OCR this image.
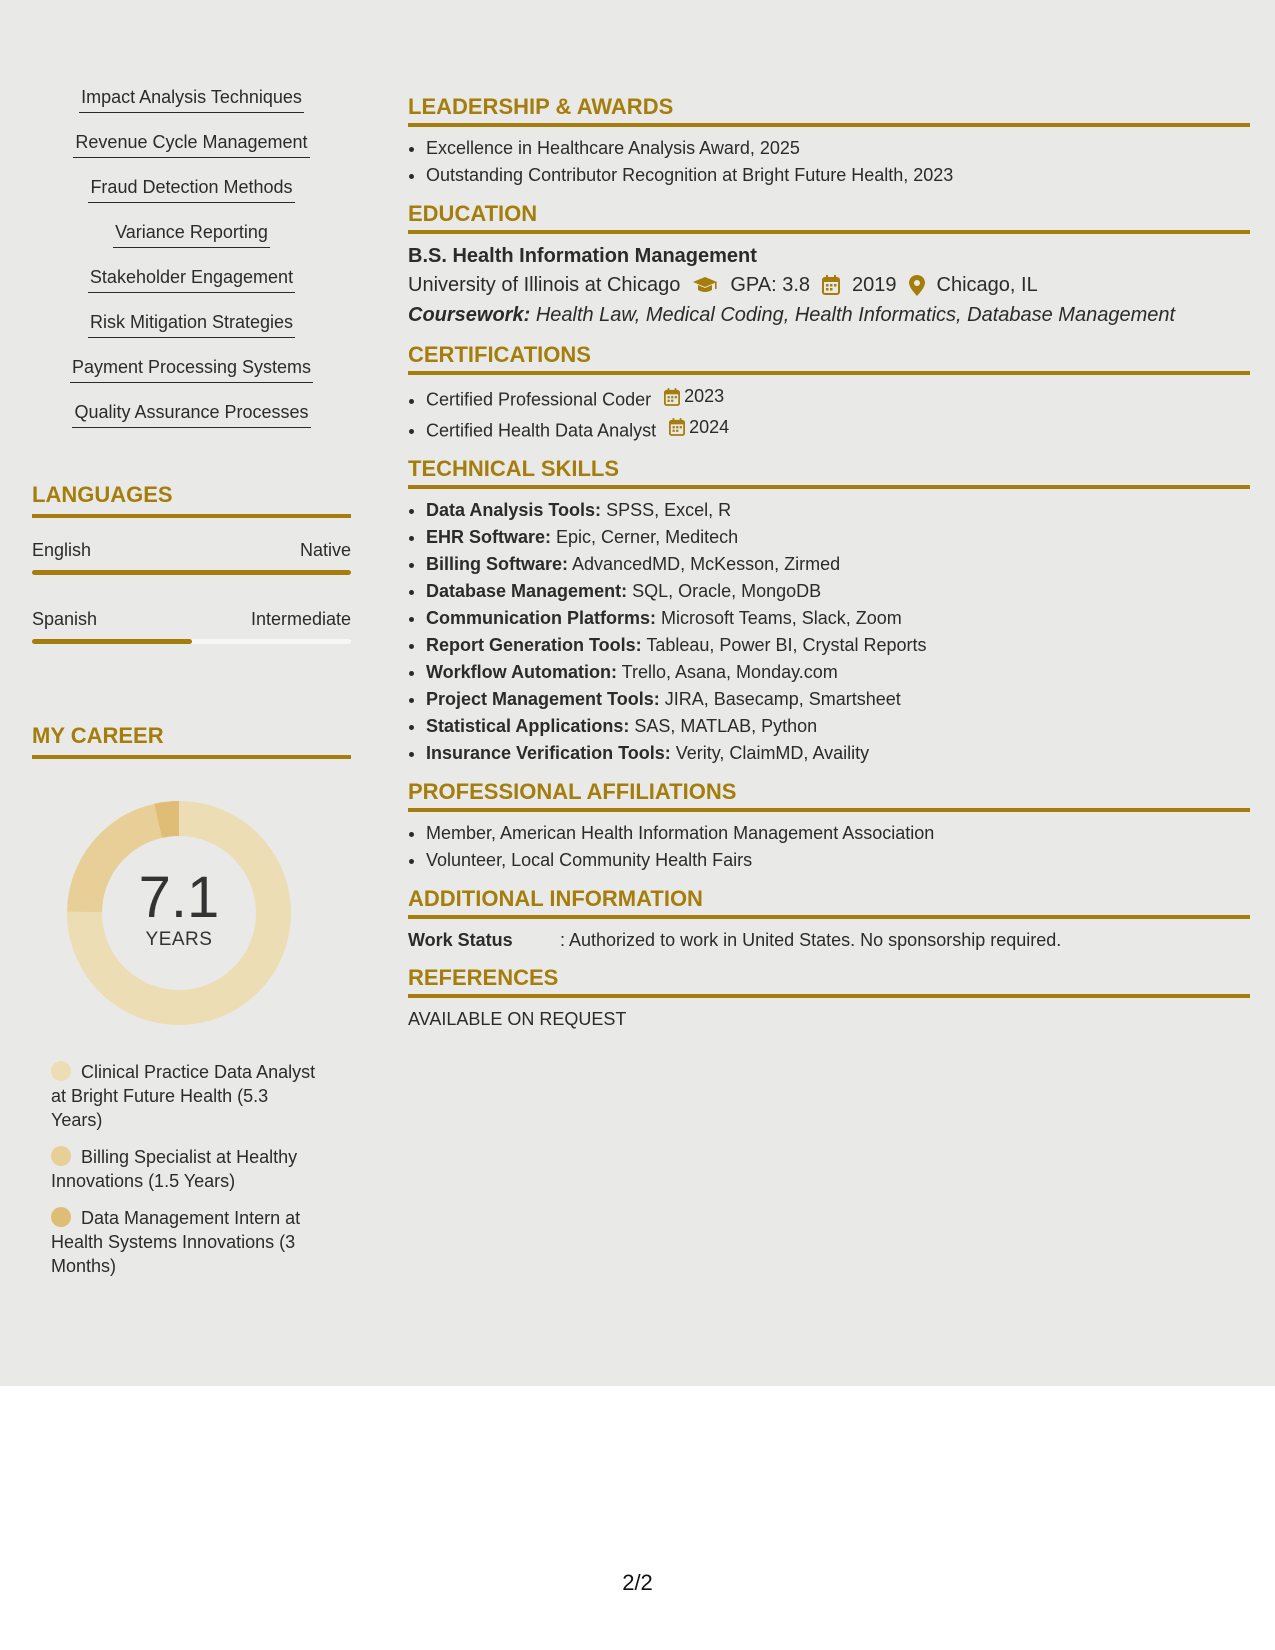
Impact Analysis Techniques
Revenue Cycle Management
Fraud Detection Methods
Variance Reporting
Stakeholder Engagement
Risk Mitigation Strategies
Payment Processing Systems
Quality Assurance Processes
LANGUAGES
English	Native
Spanish	Intermediate
MY CAREER
7.1
YEARS
Clinical Practice Data Analyst at Bright Future Health (5.3 Years)
Billing Specialist at Healthy Innovations (1.5 Years)
Data Management Intern at Health Systems Innovations (3 Months)
LEADERSHIP & AWARDS
• Excellence in Healthcare Analysis Award, 2025
• Outstanding Contributor Recognition at Bright Future Health, 2023
EDUCATION
B.S. Health Information Management
University of Illinois at Chicago	GPA: 3.8 2019 Chicago, IL
Coursework: Health Law, Medical Coding, Health Informatics, Database Management
CERTIFICATIONS
• Certified Professional Coder 2023
• Certified Health Data Analyst 2024
TECHNICAL SKILLS
• Data Analysis Tools: SPSS, Excel, R
• EHR Software: Epic, Cerner, Meditech
• Billing Software: AdvancedMD, McKesson, Zirmed
• Database Management: SQL, Oracle, MongoDB
• Communication Platforms: Microsoft Teams, Slack, Zoom
• Report Generation Tools: Tableau, Power BI, Crystal Reports
• Workflow Automation: Trello, Asana, Monday.com
• Project Management Tools: JIRA, Basecamp, Smartsheet
• Statistical Applications: SAS, MATLAB, Python
• Insurance Verification Tools: Verity, ClaimMD, Availity
PROFESSIONAL AFFILIATIONS
• Member, American Health Information Management Association
• Volunteer, Local Community Health Fairs
ADDITIONAL INFORMATION
Work Status	: Authorized to work in United States. No sponsorship required.
REFERENCES
AVAILABLE ON REQUEST
2/2
